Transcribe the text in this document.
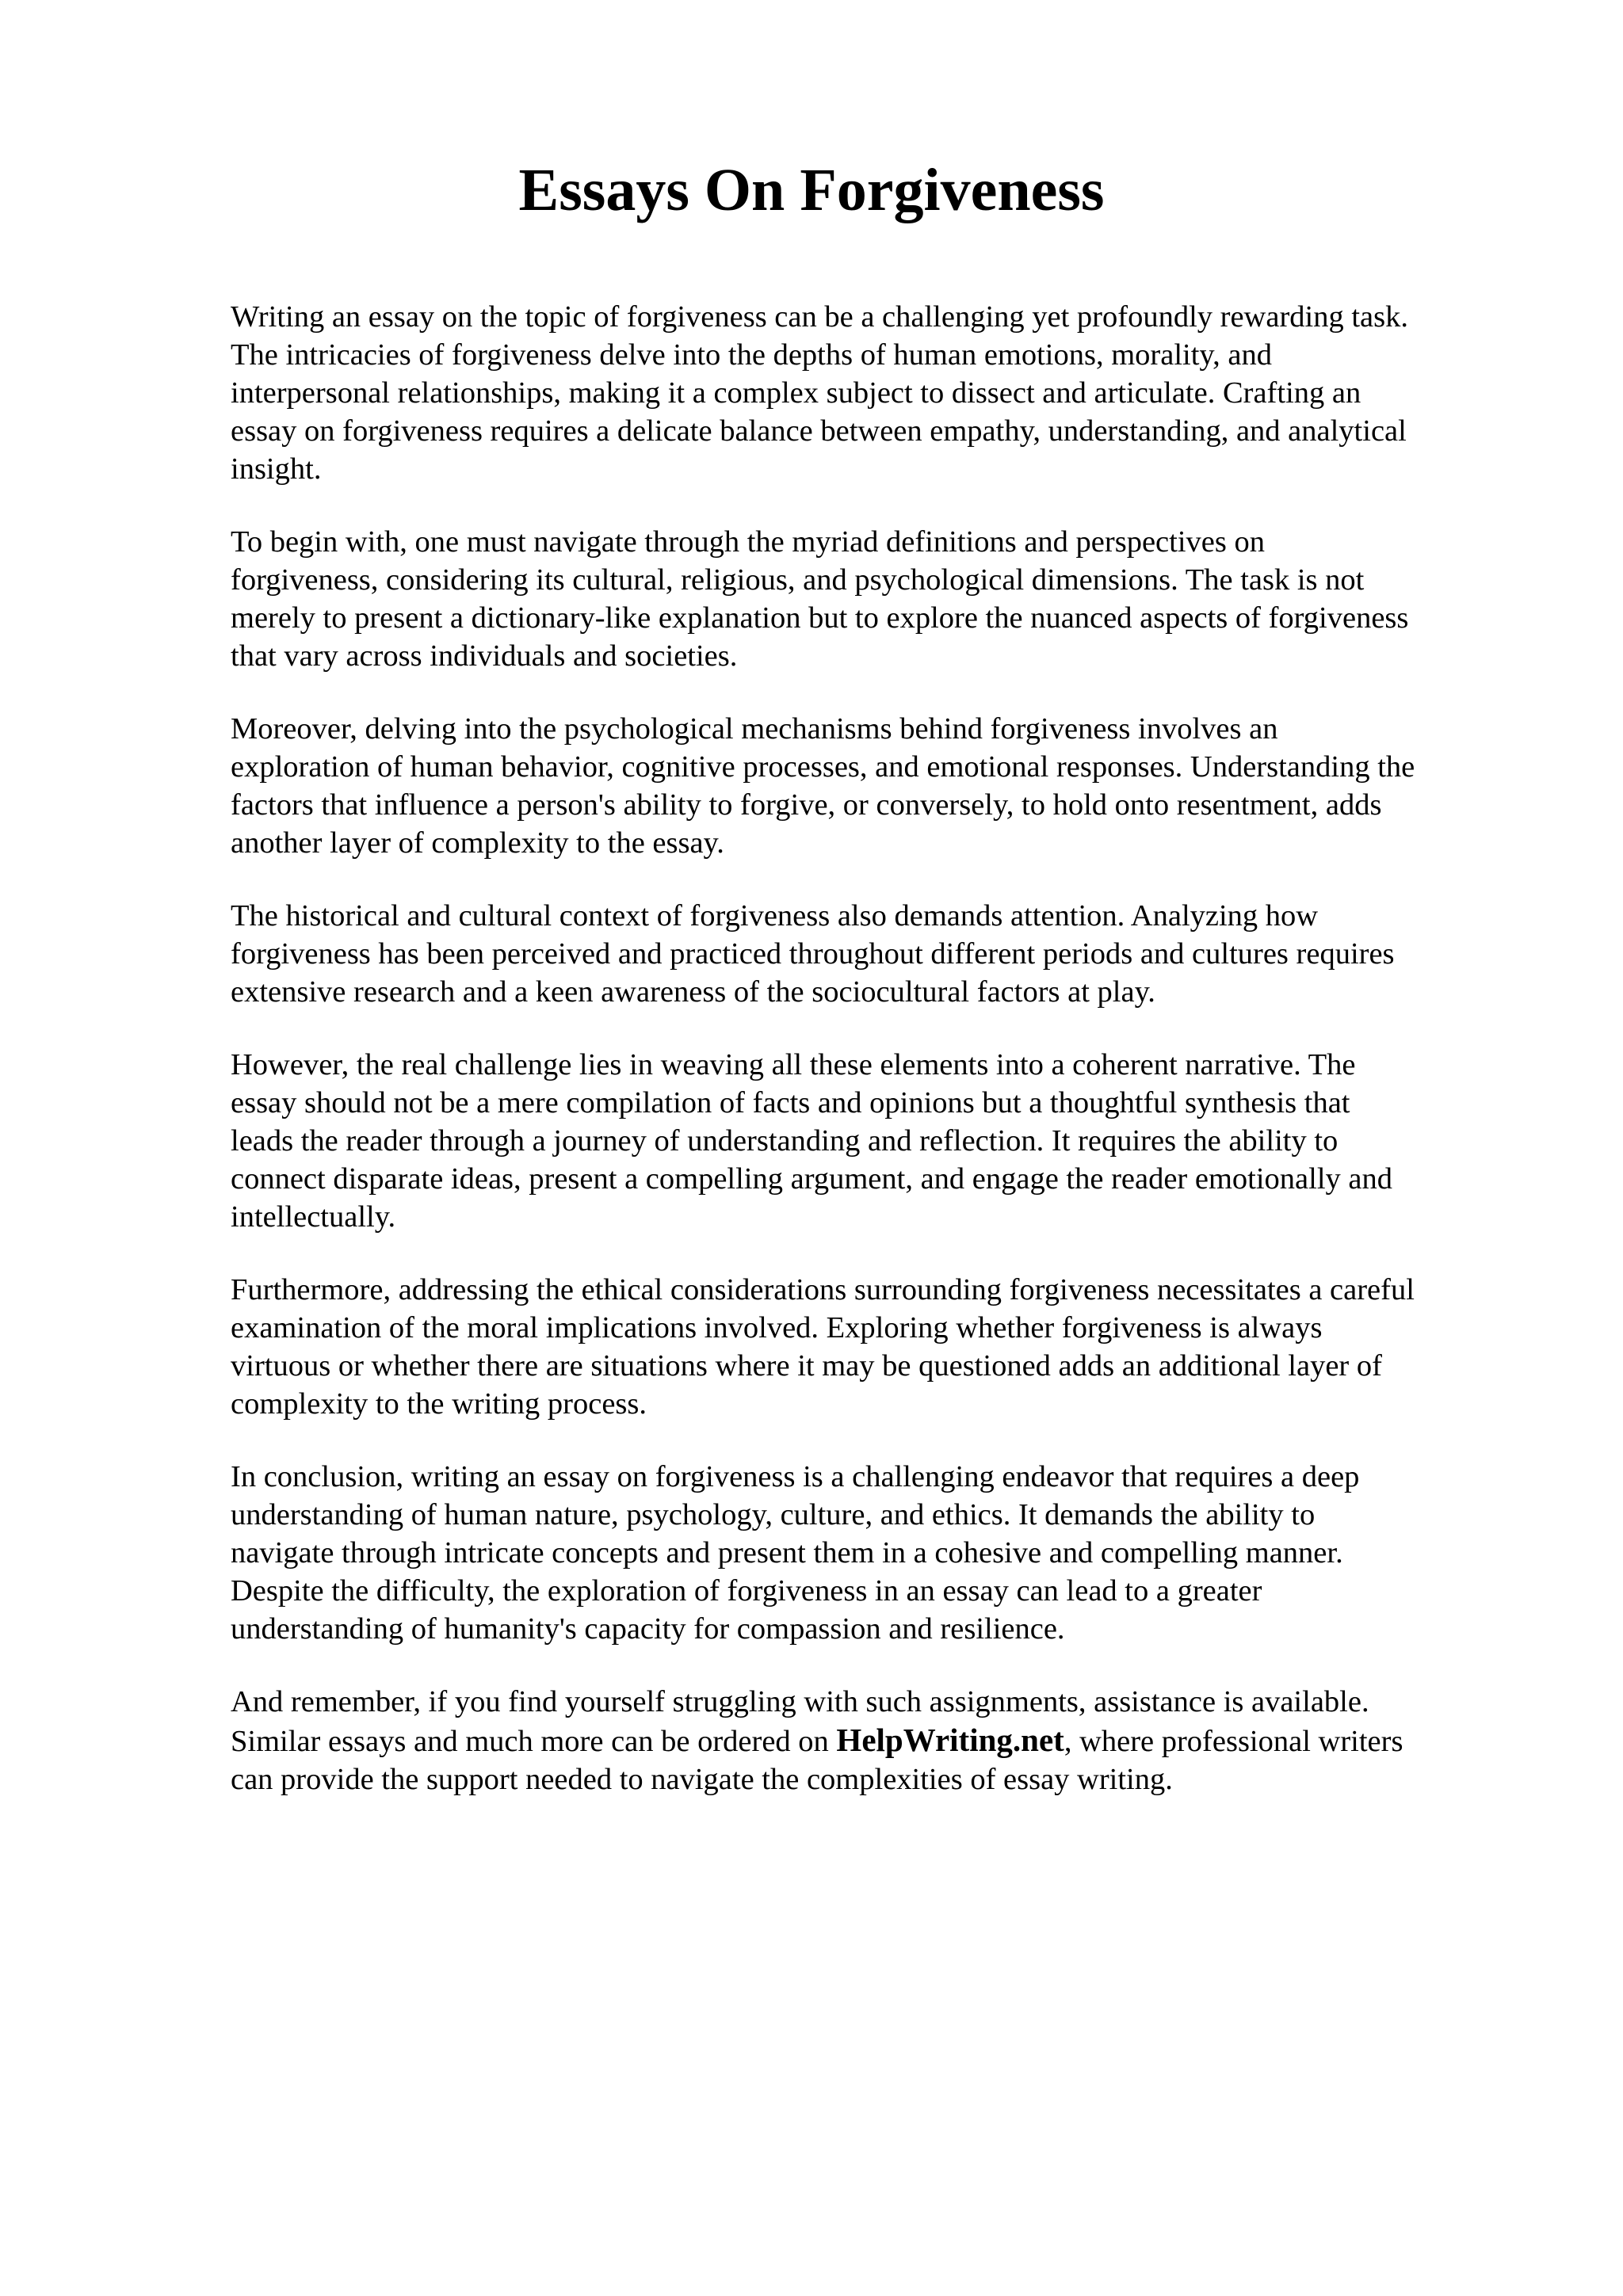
Essays On Forgiveness

Writing an essay on the topic of forgiveness can be a challenging yet profoundly rewarding task.
The intricacies of forgiveness delve into the depths of human emotions, morality, and
interpersonal relationships, making it a complex subject to dissect and articulate. Crafting an
essay on forgiveness requires a delicate balance between empathy, understanding, and analytical
insight.

To begin with, one must navigate through the myriad definitions and perspectives on
forgiveness, considering its cultural, religious, and psychological dimensions. The task is not
merely to present a dictionary-like explanation but to explore the nuanced aspects of forgiveness
that vary across individuals and societies.

Moreover, delving into the psychological mechanisms behind forgiveness involves an
exploration of human behavior, cognitive processes, and emotional responses. Understanding the
factors that influence a person's ability to forgive, or conversely, to hold onto resentment, adds
another layer of complexity to the essay.

The historical and cultural context of forgiveness also demands attention. Analyzing how
forgiveness has been perceived and practiced throughout different periods and cultures requires
extensive research and a keen awareness of the sociocultural factors at play.

However, the real challenge lies in weaving all these elements into a coherent narrative. The
essay should not be a mere compilation of facts and opinions but a thoughtful synthesis that
leads the reader through a journey of understanding and reflection. It requires the ability to
connect disparate ideas, present a compelling argument, and engage the reader emotionally and
intellectually.

Furthermore, addressing the ethical considerations surrounding forgiveness necessitates a careful
examination of the moral implications involved. Exploring whether forgiveness is always
virtuous or whether there are situations where it may be questioned adds an additional layer of
complexity to the writing process.

In conclusion, writing an essay on forgiveness is a challenging endeavor that requires a deep
understanding of human nature, psychology, culture, and ethics. It demands the ability to
navigate through intricate concepts and present them in a cohesive and compelling manner.
Despite the difficulty, the exploration of forgiveness in an essay can lead to a greater
understanding of humanity's capacity for compassion and resilience.

And remember, if you find yourself struggling with such assignments, assistance is available.
Similar essays and much more can be ordered on HelpWriting.net, where professional writers
can provide the support needed to navigate the complexities of essay writing.
